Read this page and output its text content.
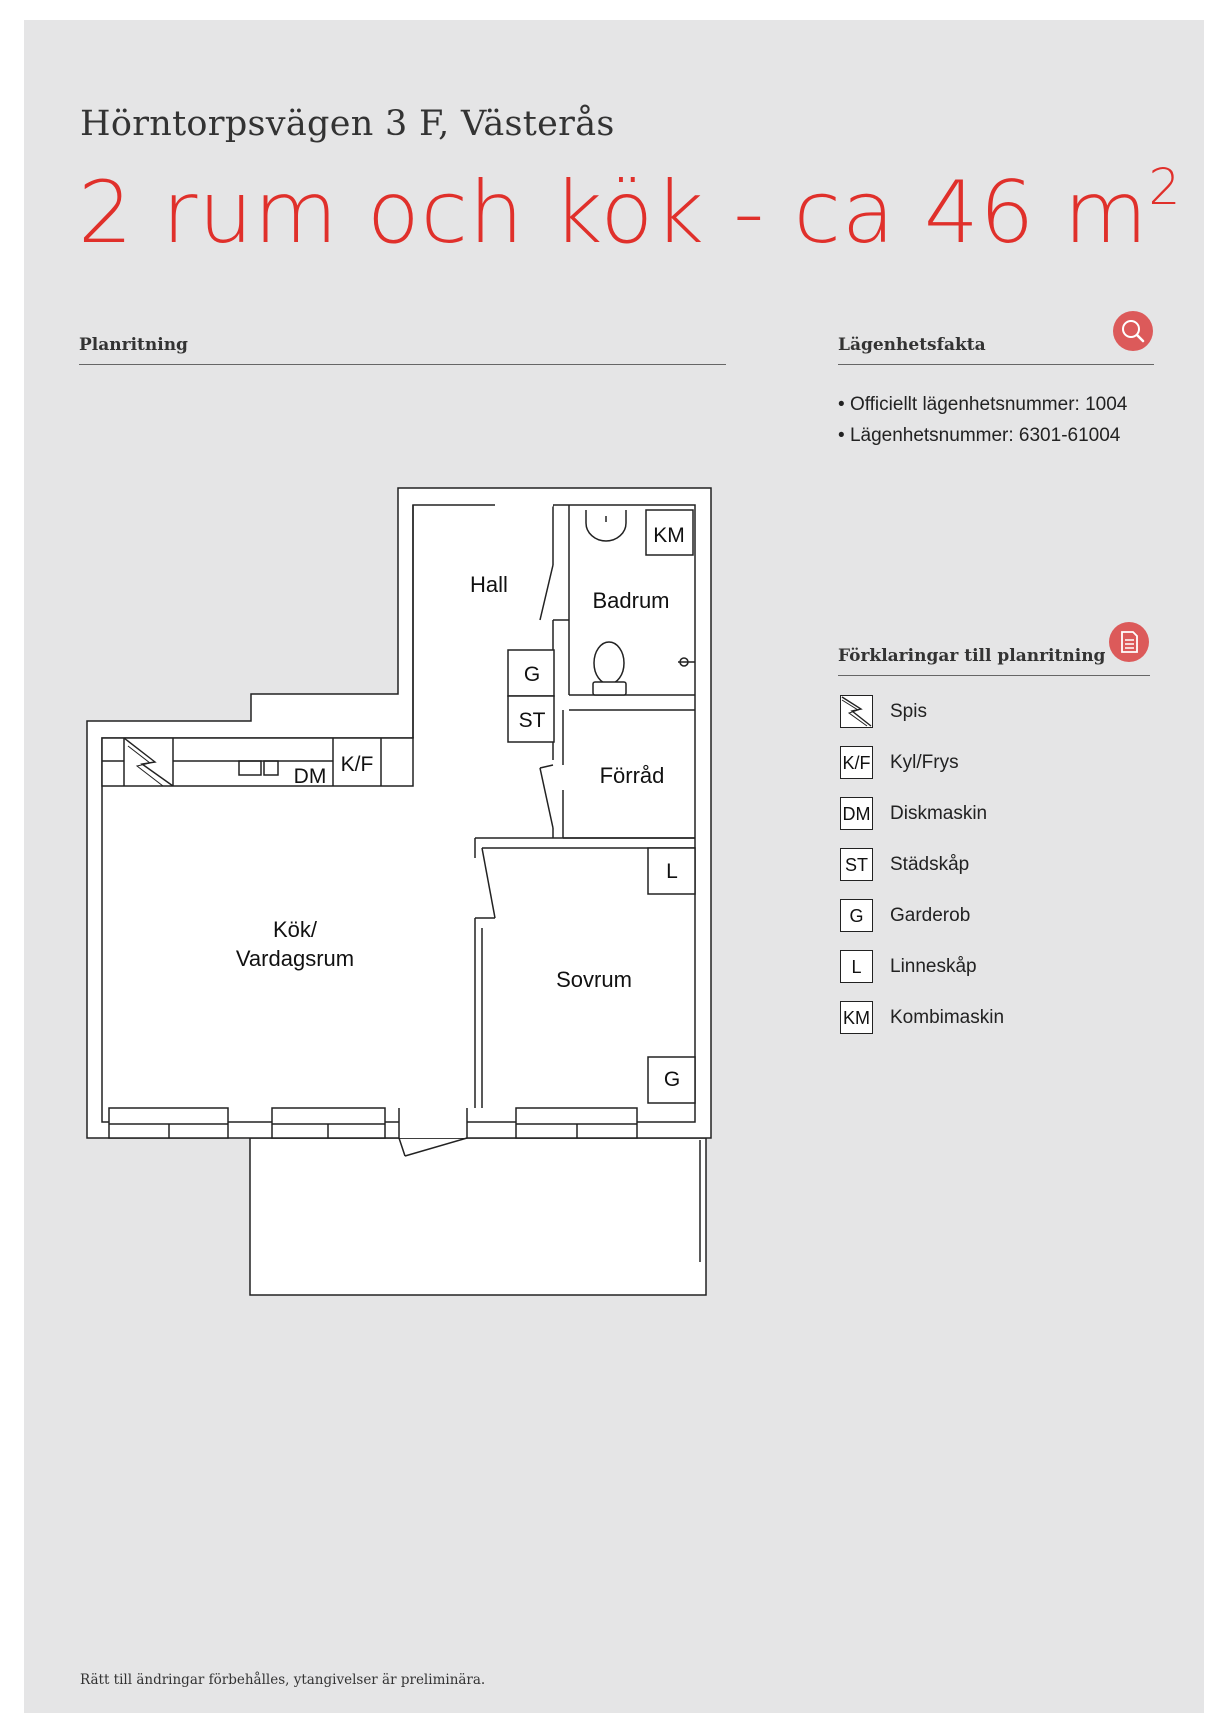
Hörntorpsvägen 3 F, Västerås
2 rum och kök - ca 46 $m^2$
Planritning	Lägenhetsfakta
• Officiellt lägenhetsnummer: 1004
• Lägenhetsnummer: 6301-61004
Förklaringar till planritning
Spis
K/F Kyl/Frys
DM Diskmaskin
ST Städskåp
G	Garderob
L	Linneskåp
KM Kombimaskin
KM
G
ST
DM
K/F
L
G
Hall
Badrum
Förråd
Kök/
Vardagsrum
Sovrum
Rätt till ändringar förbehålles, ytangivelser är preliminära.
